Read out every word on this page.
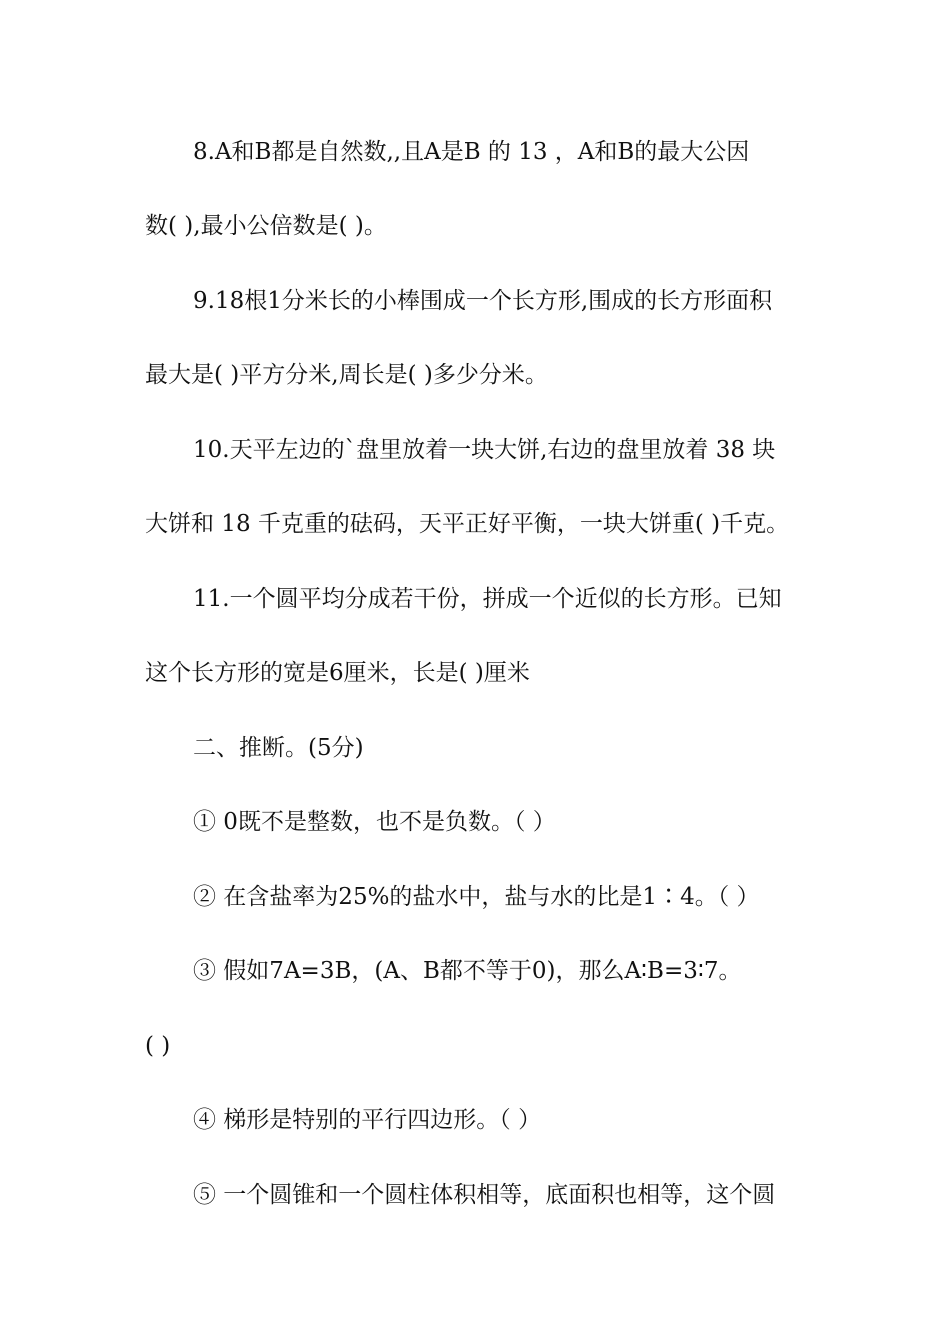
8.A和B都是自然数,,且A是B 的 13 ，A和B的最大公因
数( ),最小公倍数是( )。
9.18根1分米长的小棒围成一个长方形,围成的长方形面积
最大是( )平方分米,周长是( )多少分米。
10.天平左边的`盘里放着一块大饼,右边的盘里放着 38 块
大饼和 18 千克重的砝码，天平正好平衡，一块大饼重( )千克。
11.一个圆平均分成若干份，拼成一个近似的长方形。已知
这个长方形的宽是6厘米，长是( )厘米
二、推断。(5分)
① 0既不是整数，也不是负数。（ ）
② 在含盐率为25%的盐水中，盐与水的比是1∶4。（ ）
③ 假如7A=3B，(A、B都不等于0)，那么A∶B=3∶7。
( )
④ 梯形是特别的平行四边形。（ ）
⑤ 一个圆锥和一个圆柱体积相等，底面积也相等，这个圆
